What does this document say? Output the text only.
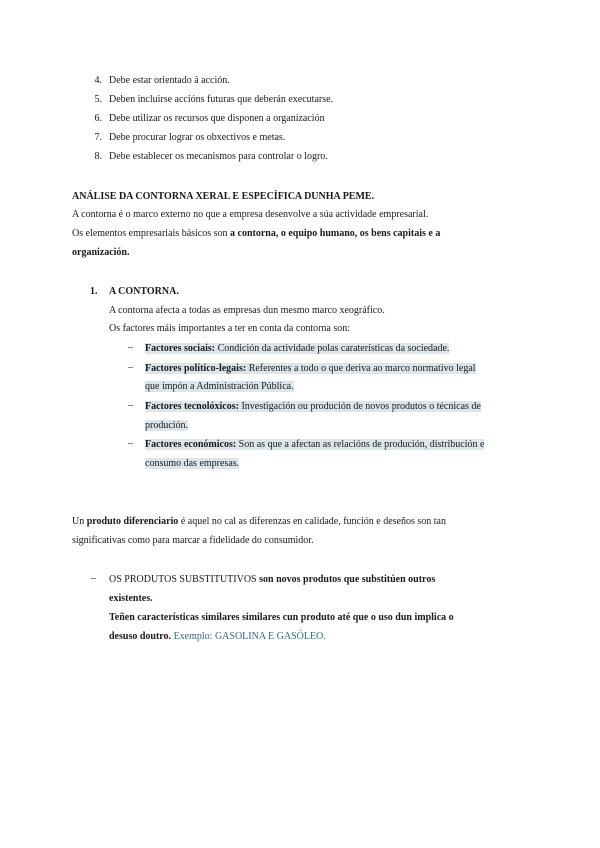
4. Debe estar orientado á acción.
5. Deben incluirse accións futuras que deberán executarse.
6. Debe utilizar os recursos que disponen a organización
7. Debe procurar lograr os obxectivos e metas.
8. Debe establecer os mecanismos para controlar o logro.
ANÁLISE DA CONTORNA XERAL E ESPECÍFICA DUNHA PEME.
A contorna é o marco externo no que a empresa desenvolve a súa actividade empresarial.
Os elementos empresariais básicos son a contorna, o equipo humano, os bens capitais e a
organización.
1. A CONTORNA.
A contorna afecta a todas as empresas dun mesmo marco xeográfico.
Os factores máis importantes a ter en conta da contorna son:
– Factores sociais: Condición da actividade polas caraterísticas da sociedade.
– Factores político-legais: Referentes a todo o que deriva ao marco normativo legal
que impón a Administración Pública.
– Factores tecnolóxicos: Investigación ou produción de novos produtos o técnicas de
produción.
– Factores económicos: Son as que a afectan as relacións de produción, distribución e
consumo das empresas.
Un produto diferenciario é aquel no cal as diferenzas en calidade, función e deseños son tan
significativas como para marcar a fidelidade do consumidor.
– OS PRODUTOS SUBSTITUTIVOS son novos produtos que substitúen outros
existentes.
Teñen características similares similares cun produto até que o uso dun implica o
desuso doutro. Exemplo: GASOLINA E GASÓLEO.
